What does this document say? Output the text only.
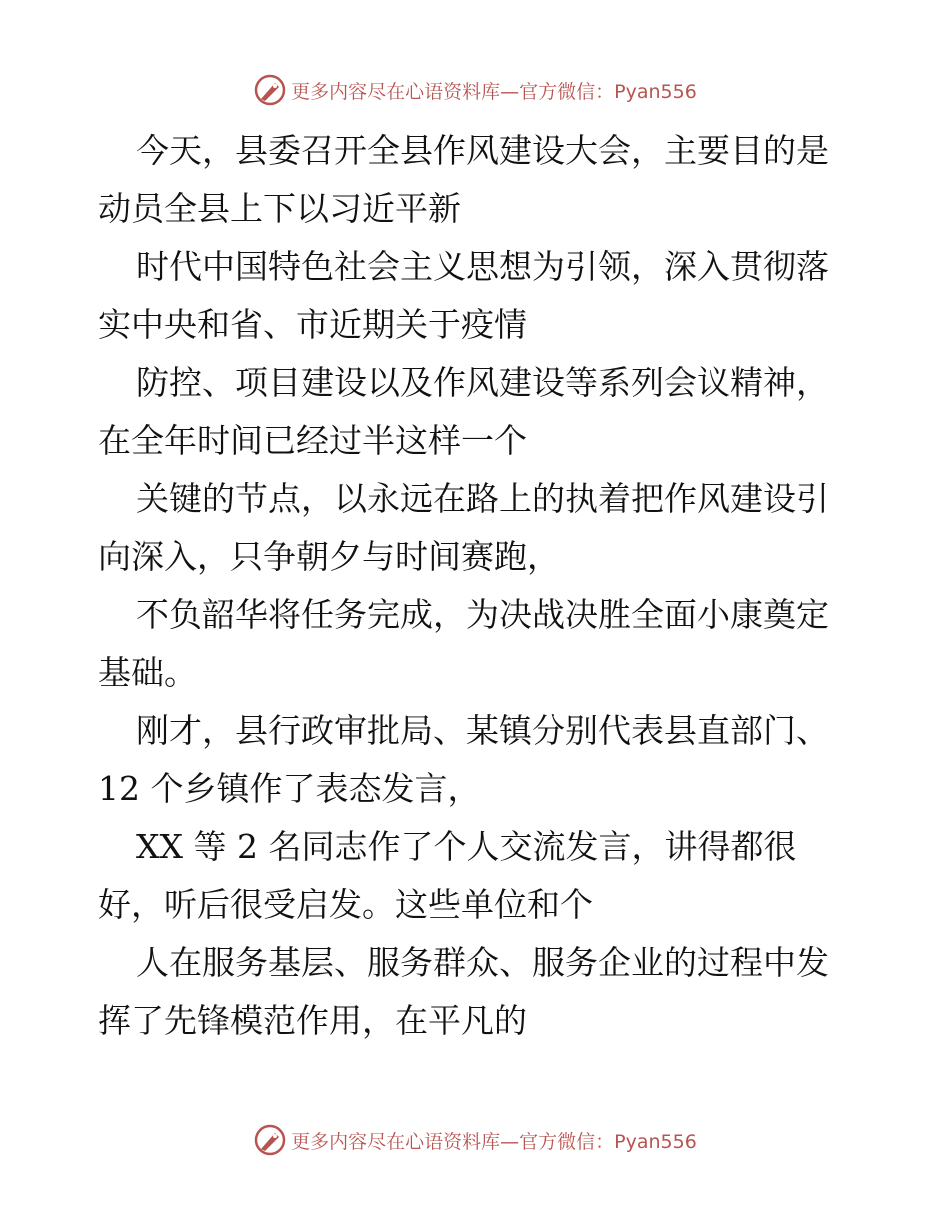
更多内容尽在心语资料库—官方微信：Pyan556

今天，县委召开全县作风建设大会，主要目的是
动员全县上下以习近平新

时代中国特色社会主义思想为引领，深入贯彻落
实中央和省、市近期关于疫情

防控、项目建设以及作风建设等系列会议精神，
在全年时间已经过半这样一个

关键的节点，以永远在路上的执着把作风建设引
向深入，只争朝夕与时间赛跑，

不负韶华将任务完成，为决战决胜全面小康奠定
基础。

刚才，县行政审批局、某镇分别代表县直部门、
12 个乡镇作了表态发言，

XX 等 2 名同志作了个人交流发言，讲得都很
好，听后很受启发。这些单位和个

人在服务基层、服务群众、服务企业的过程中发
挥了先锋模范作用，在平凡的

更多内容尽在心语资料库—官方微信：Pyan556
